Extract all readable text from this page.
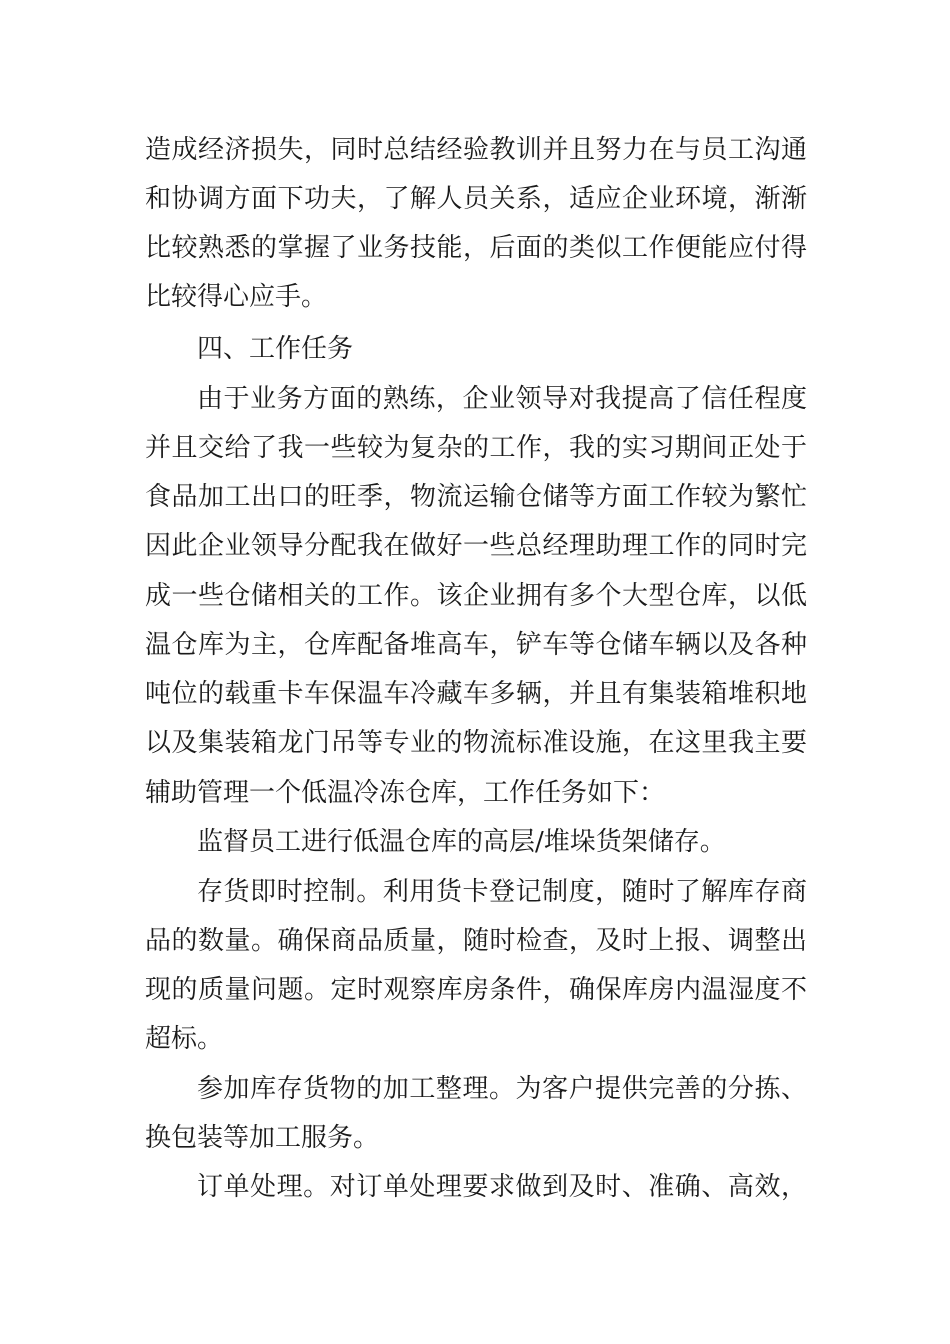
造成经济损失，同时总结经验教训并且努力在与员工沟通
和协调方面下功夫，了解人员关系，适应企业环境，渐渐
比较熟悉的掌握了业务技能，后面的类似工作便能应付得
比较得心应手。
四、工作任务
由于业务方面的熟练，企业领导对我提高了信任程度
并且交给了我一些较为复杂的工作，我的实习期间正处于
食品加工出口的旺季，物流运输仓储等方面工作较为繁忙
因此企业领导分配我在做好一些总经理助理工作的同时完
成一些仓储相关的工作。该企业拥有多个大型仓库，以低
温仓库为主，仓库配备堆高车，铲车等仓储车辆以及各种
吨位的载重卡车保温车冷藏车多辆，并且有集装箱堆积地
以及集装箱龙门吊等专业的物流标准设施，在这里我主要
辅助管理一个低温冷冻仓库，工作任务如下：
监督员工进行低温仓库的高层/堆垛货架储存。
存货即时控制。利用货卡登记制度，随时了解库存商
品的数量。确保商品质量，随时检查，及时上报、调整出
现的质量问题。定时观察库房条件，确保库房内温湿度不
超标。
参加库存货物的加工整理。为客户提供完善的分拣、
换包装等加工服务。
订单处理。对订单处理要求做到及时、准确、高效，
